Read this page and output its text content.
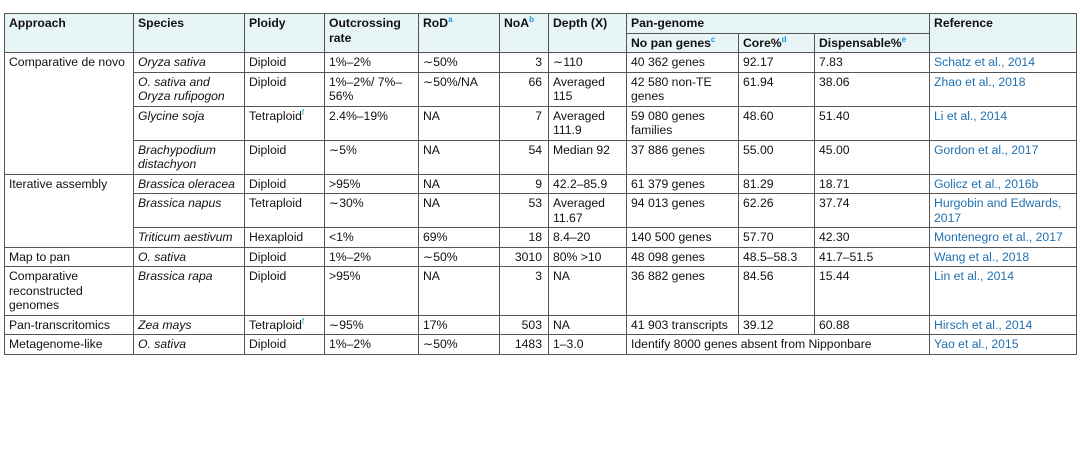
Approach	Species	Ploidy	Outcrossing rate	RoD$^a$	NoA$^b$	Depth (X)	Pan-genome			Reference
							No pan genes$^c$	Core%$^d$	Dispensable%$^e$
Comparative de novo	Oryza sativa	Diploid	1%–2%	∼50%	3	∼110	40 362 genes	92.17	7.83	Schatz et al., 2014
	O. sativa and Oryza rufipogon	Diploid	1%–2%/ 7%–56%	∼50%/NA	66	Averaged 115	42 580 non-TE genes	61.94	38.06	Zhao et al., 2018
	Glycine soja	Tetraploid$^f$	2.4%–19%	NA	7	Averaged 111.9	59 080 genes families	48.60	51.40	Li et al., 2014
	Brachypodium distachyon	Diploid	∼5%	NA	54	Median 92	37 886 genes	55.00	45.00	Gordon et al., 2017
Iterative assembly	Brassica oleracea	Diploid	>95%	NA	9	42.2–85.9	61 379 genes	81.29	18.71	Golicz et al., 2016b
	Brassica napus	Tetraploid	∼30%	NA	53	Averaged 11.67	94 013 genes	62.26	37.74	Hurgobin and Edwards, 2017
	Triticum aestivum	Hexaploid	<1%	69%	18	8.4–20	140 500 genes	57.70	42.30	Montenegro et al., 2017
Map to pan	O. sativa	Diploid	1%–2%	∼50%	3010	80% >10	48 098 genes	48.5–58.3	41.7–51.5	Wang et al., 2018
Comparative reconstructed genomes	Brassica rapa	Diploid	>95%	NA	3	NA	36 882 genes	84.56	15.44	Lin et al., 2014
Pan-transcritomics	Zea mays	Tetraploid$^f$	∼95%	17%	503	NA	41 903 transcripts	39.12	60.88	Hirsch et al., 2014
Metagenome-like	O. sativa	Diploid	1%–2%	∼50%	1483	1–3.0	Identify 8000 genes absent from Nipponbare			Yao et al., 2015
